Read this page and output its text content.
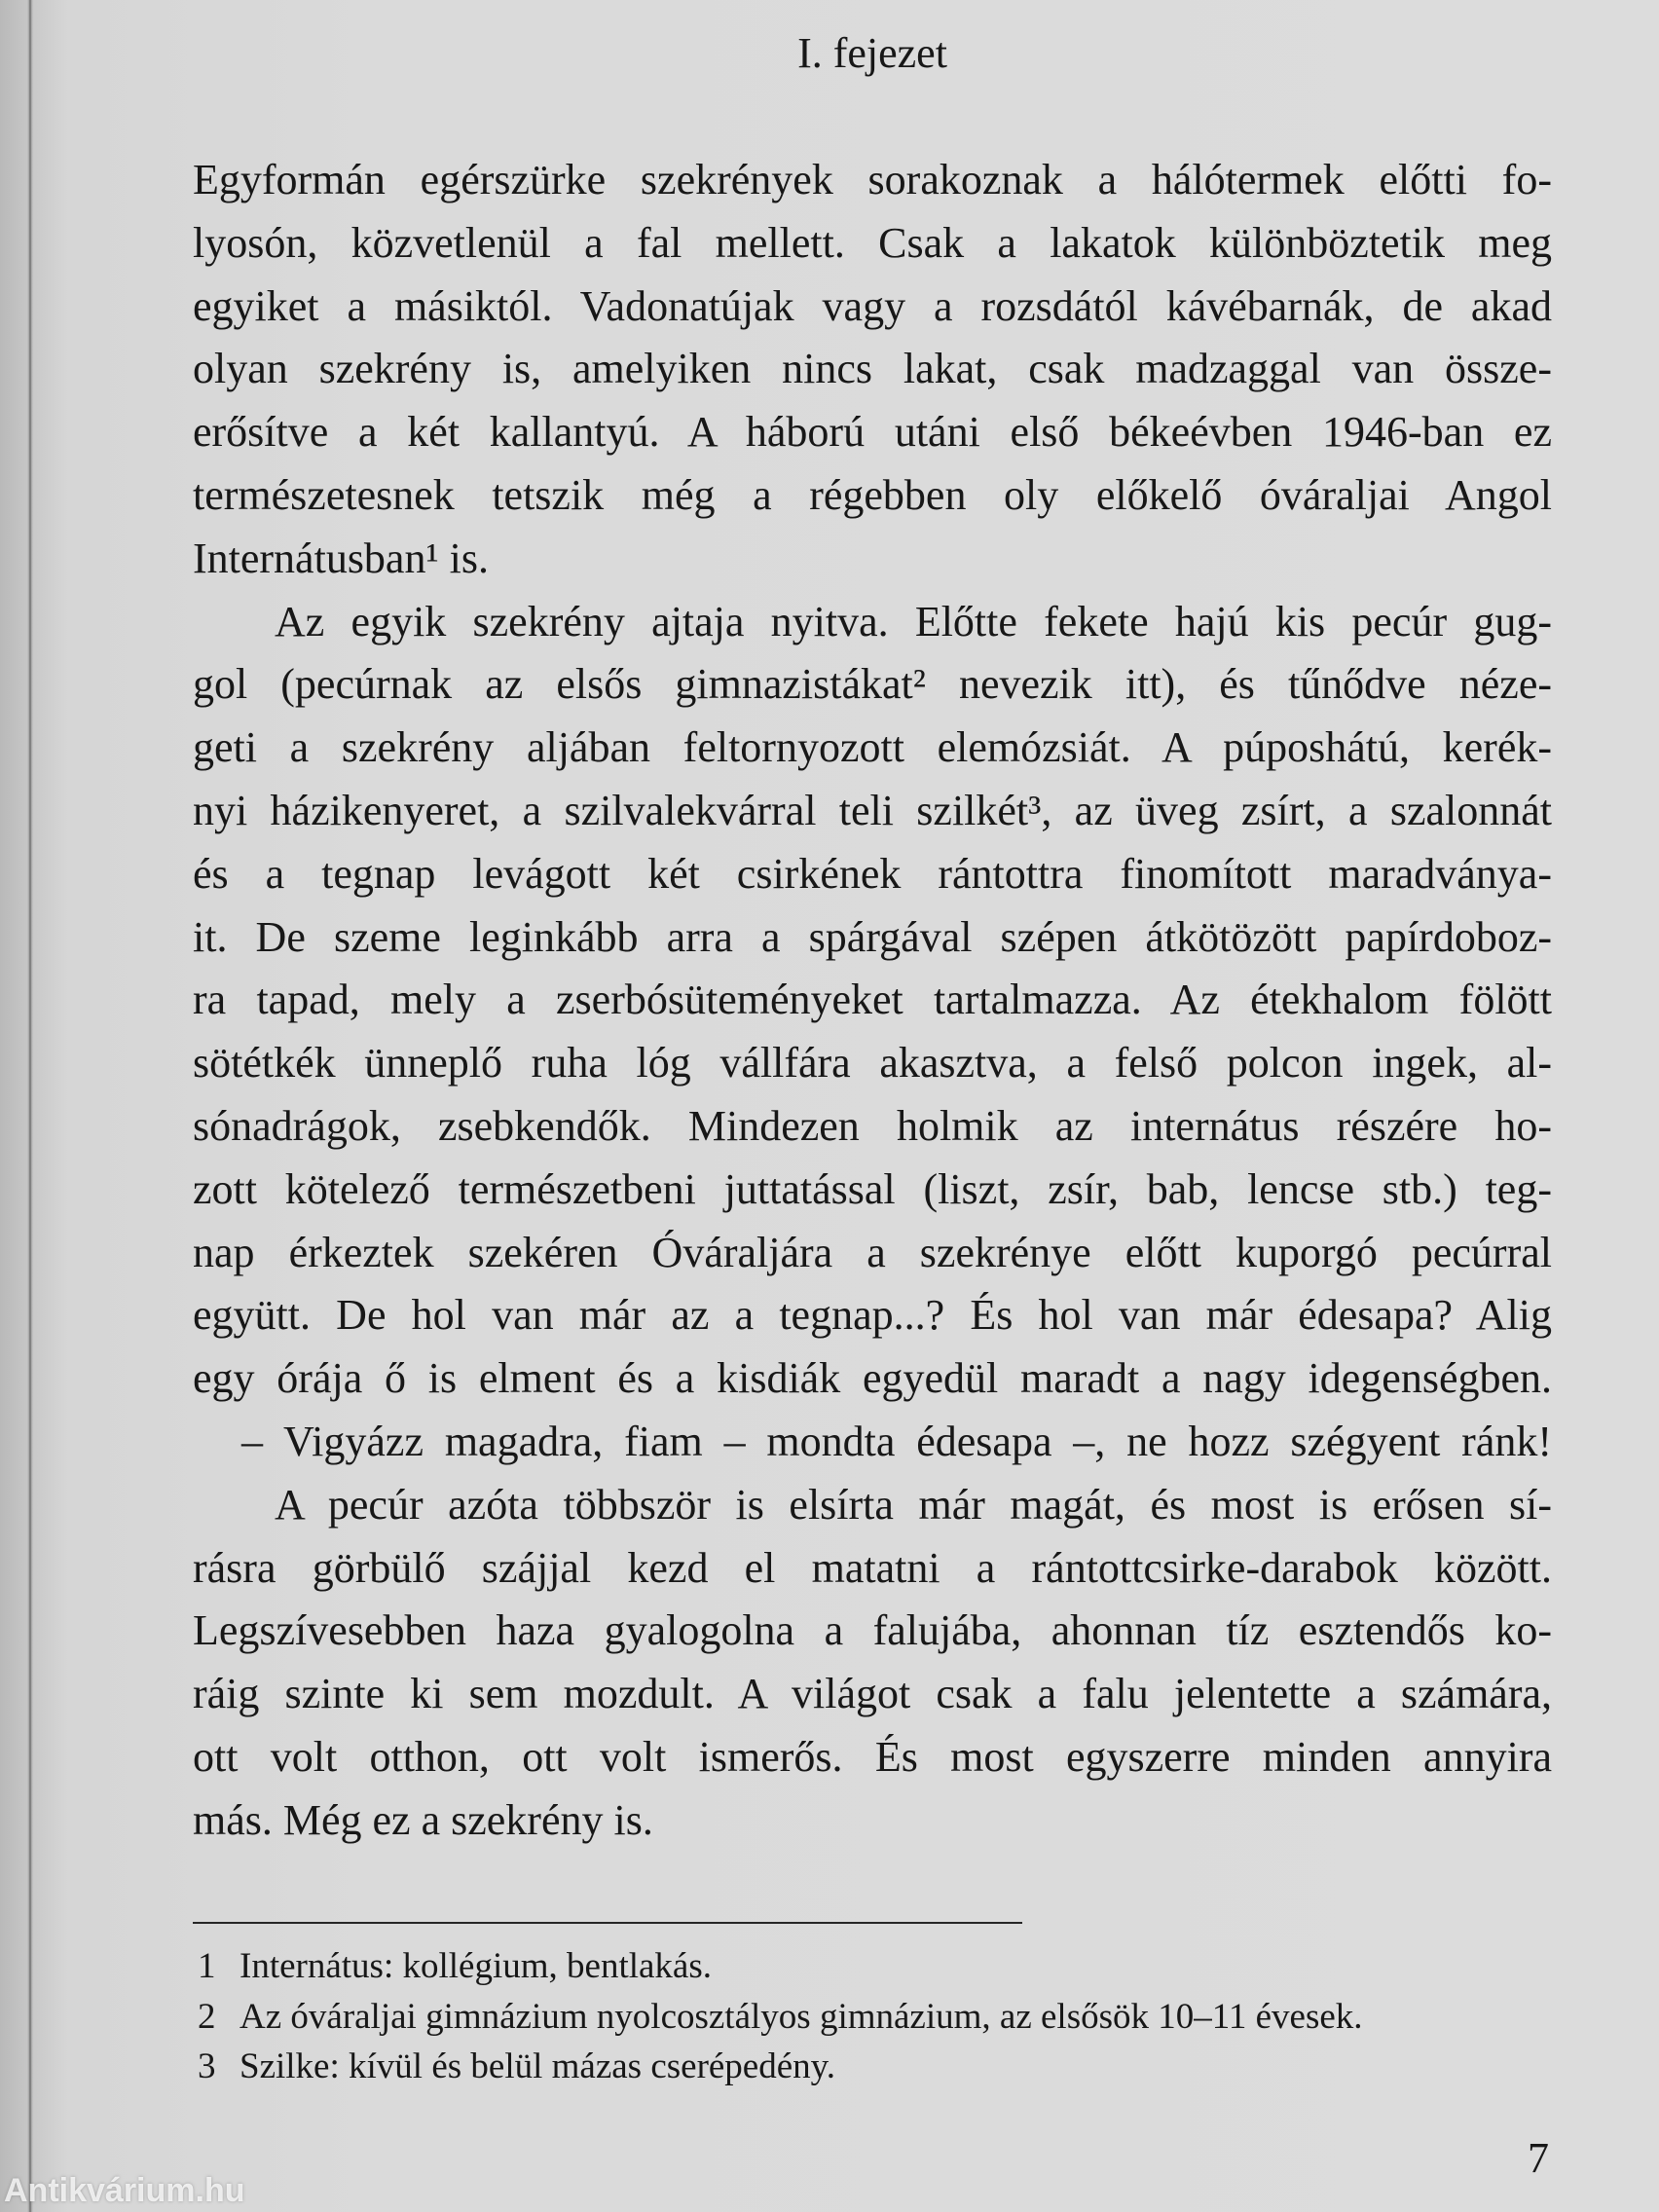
I. fejezet
Egyformán egérszürke szekrények sorakoznak a hálótermek előtti fo-
lyosón, közvetlenül a fal mellett. Csak a lakatok különböztetik meg
egyiket a másiktól. Vadonatújak vagy a rozsdától kávébarnák, de akad
olyan szekrény is, amelyiken nincs lakat, csak madzaggal van össze-
erősítve a két kallantyú. A háború utáni első békeévben 1946-ban ez
természetesnek tetszik még a régebben oly előkelő óváraljai Angol
Internátusban¹ is.
Az egyik szekrény ajtaja nyitva. Előtte fekete hajú kis pecúr gug-
gol (pecúrnak az elsős gimnazistákat² nevezik itt), és tűnődve néze-
geti a szekrény aljában feltornyozott elemózsiát. A púposhátú, kerék-
nyi házikenyeret, a szilvalekvárral teli szilkét³, az üveg zsírt, a szalonnát
és a tegnap levágott két csirkének rántottra finomított maradványa-
it. De szeme leginkább arra a spárgával szépen átkötözött papírdoboz-
ra tapad, mely a zserbósüteményeket tartalmazza. Az étekhalom fölött
sötétkék ünneplő ruha lóg vállfára akasztva, a felső polcon ingek, al-
sónadrágok, zsebkendők. Mindezen holmik az internátus részére ho-
zott kötelező természetbeni juttatással (liszt, zsír, bab, lencse stb.) teg-
nap érkeztek szekéren Óváraljára a szekrénye előtt kuporgó pecúrral
együtt. De hol van már az a tegnap...? És hol van már édesapa? Alig
egy órája ő is elment és a kisdiák egyedül maradt a nagy idegenségben.
– Vigyázz magadra, fiam – mondta édesapa –, ne hozz szégyent ránk!
A pecúr azóta többször is elsírta már magát, és most is erősen sí-
rásra görbülő szájjal kezd el matatni a rántottcsirke-darabok között.
Legszívesebben haza gyalogolna a falujába, ahonnan tíz esztendős ko-
ráig szinte ki sem mozdult. A világot csak a falu jelentette a számára,
ott volt otthon, ott volt ismerős. És most egyszerre minden annyira
más. Még ez a szekrény is.
1 Internátus: kollégium, bentlakás.
2 Az óváraljai gimnázium nyolcosztályos gimnázium, az elsősök 10–11 évesek.
3 Szilke: kívül és belül mázas cserépedény.
7
Antikvárium.hu
